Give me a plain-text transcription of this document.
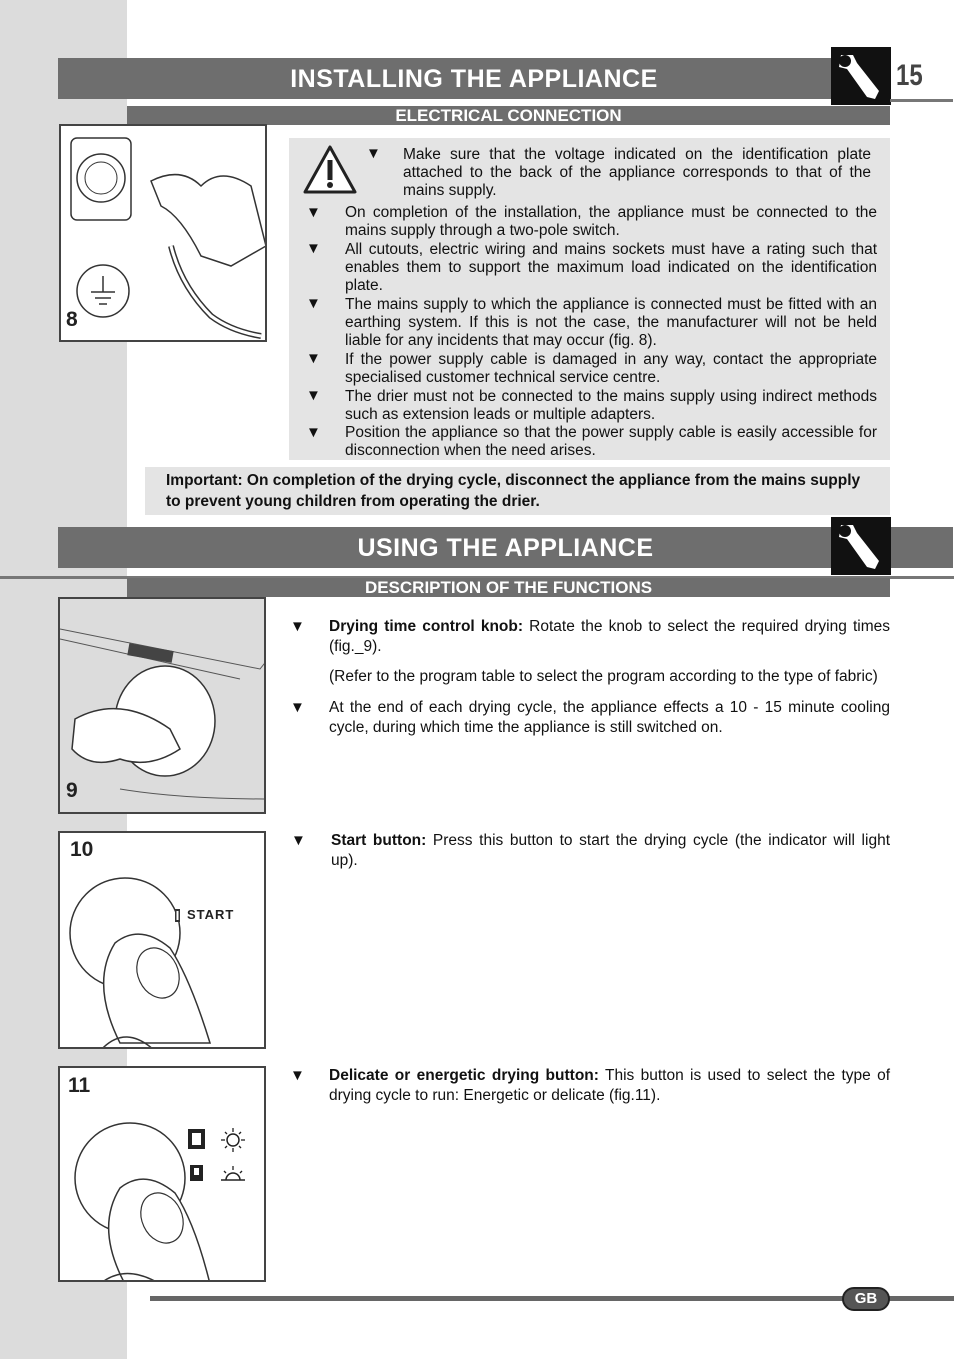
INSTALLING THE APPLIANCE	15
ELECTRICAL CONNECTION
8
▼ Make sure that the voltage indicated on the identification plate attached to the back of the appliance corresponds to that of the mains supply.
▼ On completion of the installation, the appliance must be connected to the mains supply through a two-pole switch.
▼ All cutouts, electric wiring and mains sockets must have a rating such that enables them to support the maximum load indicated on the identification plate.
▼ The mains supply to which the appliance is connected must be fitted with an earthing system. If this is not the case, the manufacturer will not be held liable for any incidents that may occur (fig. 8).
▼ If the power supply cable is damaged in any way, contact the appropriate specialised customer technical service centre.
▼ The drier must not be connected to the mains supply using indirect methods such as extension leads or multiple adapters.
▼ Position the appliance so that the power supply cable is easily accessible for disconnection when the need arises.
Important: On completion of the drying cycle, disconnect the appliance from the mains supply to prevent young children from operating the drier.
USING THE APPLIANCE
DESCRIPTION OF THE FUNCTIONS
9
▼ Drying time control knob: Rotate the knob to select the required drying times (fig._9).
(Refer to the program table to select the program according to the type of fabric)
▼ At the end of each drying cycle, the appliance effects a 10 - 15 minute cooling cycle, during which time the appliance is still switched on.
10
START
▼ Start button: Press this button to start the drying cycle (the indicator will light up).
11	▼ Delicate or energetic drying button: This button is used to select the type of drying cycle to run: Energetic or delicate (fig.11).
GB
